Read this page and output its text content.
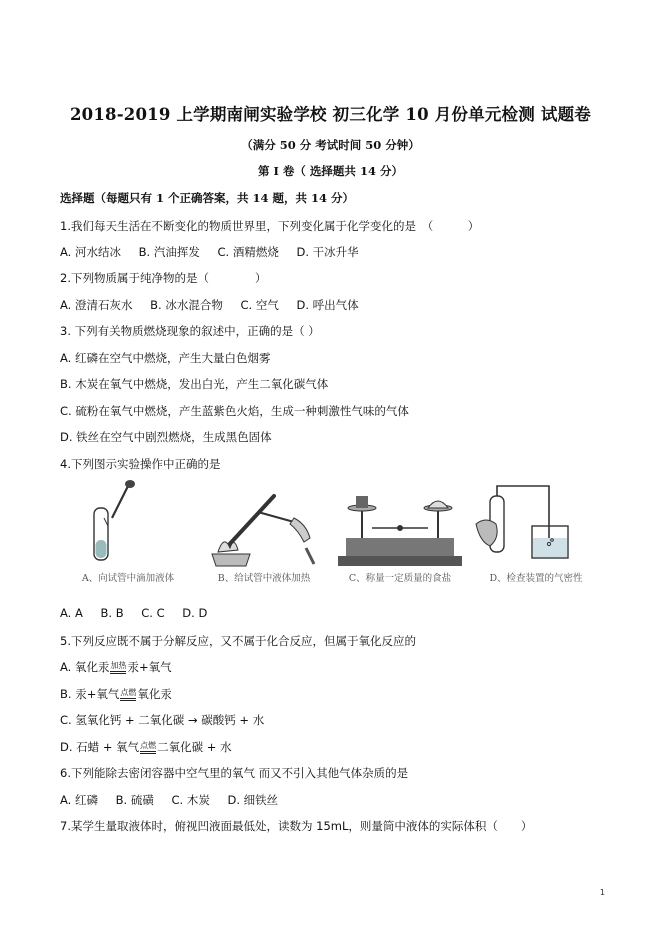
2018-2019 上学期南闸实验学校 初三化学 10 月份单元检测 试题卷
（满分 50 分 考试时间 50 分钟）
第 I 卷（ 选择题共 14 分）
选择题（每题只有 1 个正确答案，共 14 题，共 14 分）
1.我们每天生活在不断变化的物质世界里，下列变化属于化学变化的是　（　　　）
A. 河水结冰 B. 汽油挥发 C. 酒精燃烧 D. 干冰升华
2.下列物质属于纯净物的是（　　　　）
A. 澄清石灰水 B. 冰水混合物 C. 空气 D. 呼出气体
3. 下列有关物质燃烧现象的叙述中，正确的是（ ）
A. 红磷在空气中燃烧，产生大量白色烟雾
B. 木炭在氧气中燃烧，发出白光，产生二氧化碳气体
C. 硫粉在氧气中燃烧，产生蓝紫色火焰，生成一种刺激性气味的气体
D. 铁丝在空气中剧烈燃烧，生成黑色固体
4.下列图示实验操作中正确的是
A、向试管中滴加液体	B、给试管中液体加热	C、称量一定质量的食盐	D、检查装置的气密性
A. A B. B C. C D. D
5.下列反应既不属于分解反应，又不属于化合反应，但属于氧化反应的
A. 氧化汞加热
汞+氧气
B. 汞+氧气点燃
氧化汞
C. 氢氧化钙 + 二氧化碳 → 碳酸钙 + 水
D. 石蜡 + 氧气点燃
二氧化碳 + 水
6.下列能除去密闭容器中空气里的氧气 而又不引入其他气体杂质的是
A. 红磷 B. 硫磺 C. 木炭 D. 细铁丝
7.某学生量取液体时，俯视凹液面最低处，读数为 15mL，则量筒中液体的实际体积（　　）
1
